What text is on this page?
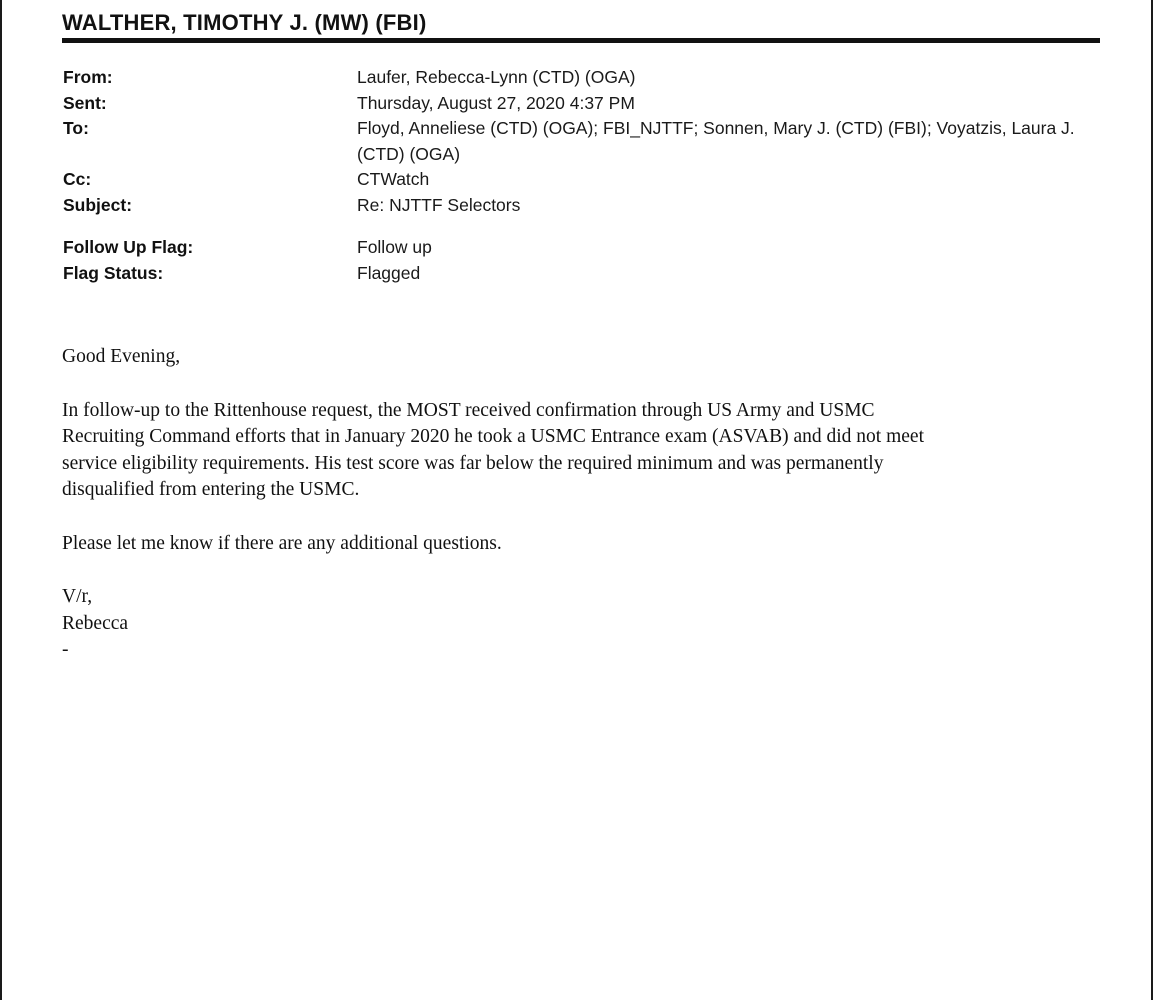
WALTHER, TIMOTHY J. (MW) (FBI)

From:	Laufer, Rebecca-Lynn (CTD) (OGA)
Sent:	Thursday, August 27, 2020 4:37 PM
To:	Floyd, Anneliese (CTD) (OGA); FBI_NJTTF; Sonnen, Mary J. (CTD) (FBI); Voyatzis, Laura J.
(CTD) (OGA)
Cc:	CTWatch
Subject:	Re: NJTTF Selectors
Follow Up Flag:	Follow up
Flag Status:	Flagged

Good Evening,

In follow-up to the Rittenhouse request, the MOST received confirmation through US Army and USMC

Recruiting Command efforts that in January 2020 he took a USMC Entrance exam (ASVAB) and did not meet

service eligibility requirements. His test score was far below the required minimum and was permanently

disqualified from entering the USMC.

Please let me know if there are any additional questions.

V/r,

Rebecca

-
